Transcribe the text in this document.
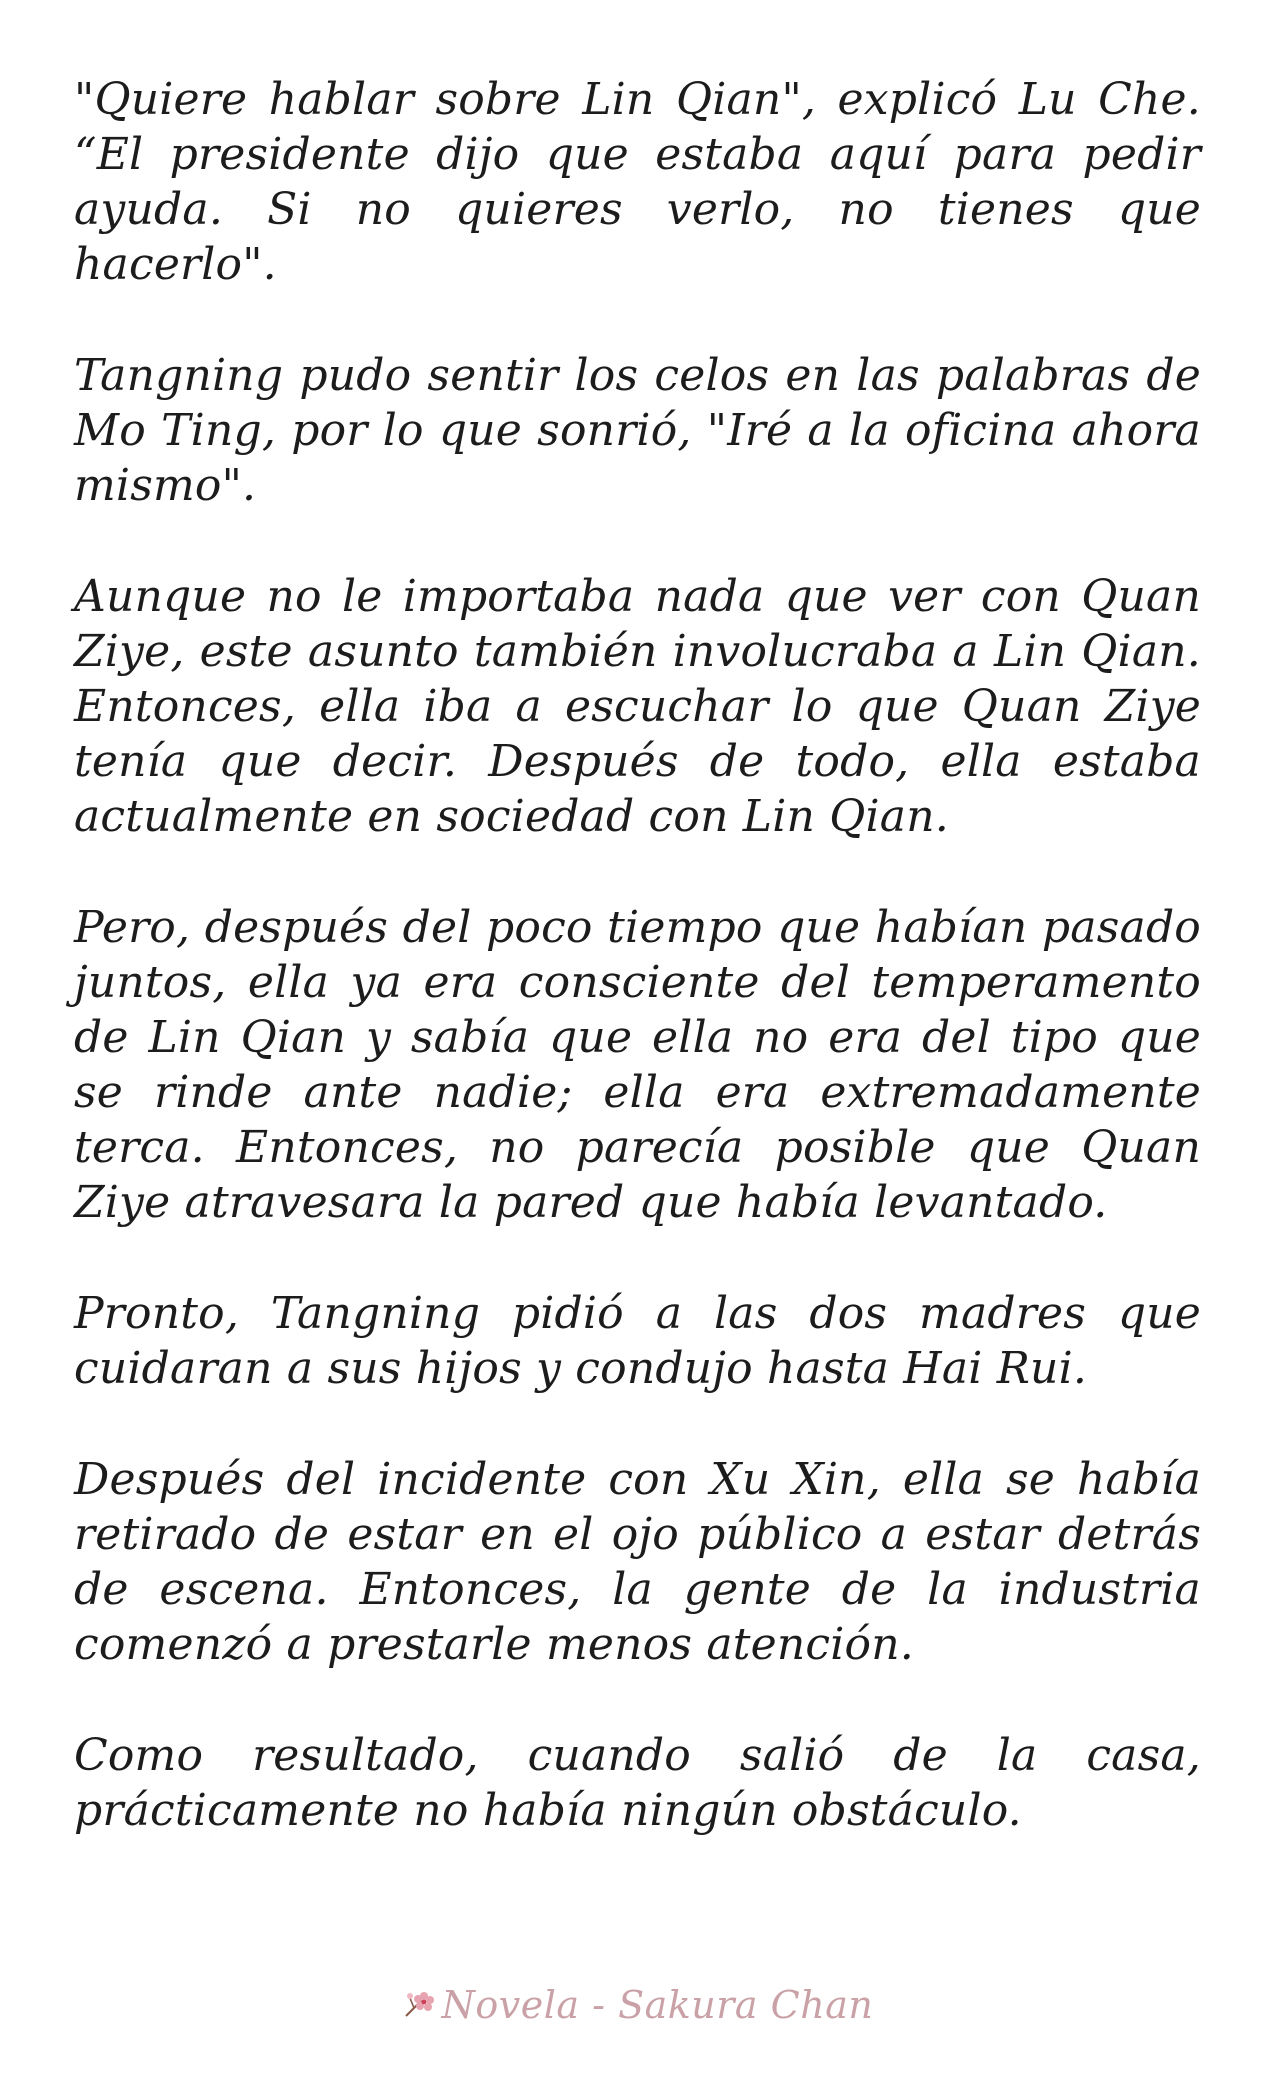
"Quiere hablar sobre Lin Qian", explicó Lu Che. “El presidente dijo que estaba aquí para pedir ayuda. Si no quieres verlo, no tienes que hacerlo".

Tangning pudo sentir los celos en las palabras de Mo Ting, por lo que sonrió, "Iré a la oficina ahora mismo".

Aunque no le importaba nada que ver con Quan Ziye, este asunto también involucraba a Lin Qian. Entonces, ella iba a escuchar lo que Quan Ziye tenía que decir. Después de todo, ella estaba actualmente en sociedad con Lin Qian.

Pero, después del poco tiempo que habían pasado juntos, ella ya era consciente del temperamento de Lin Qian y sabía que ella no era del tipo que se rinde ante nadie; ella era extremadamente terca. Entonces, no parecía posible que Quan Ziye atravesara la pared que había levantado.

Pronto, Tangning pidió a las dos madres que cuidaran a sus hijos y condujo hasta Hai Rui.

Después del incidente con Xu Xin, ella se había retirado de estar en el ojo público a estar detrás de escena. Entonces, la gente de la industria comenzó a prestarle menos atención.

Como resultado, cuando salió de la casa, prácticamente no había ningún obstáculo.

Novela - Sakura Chan
